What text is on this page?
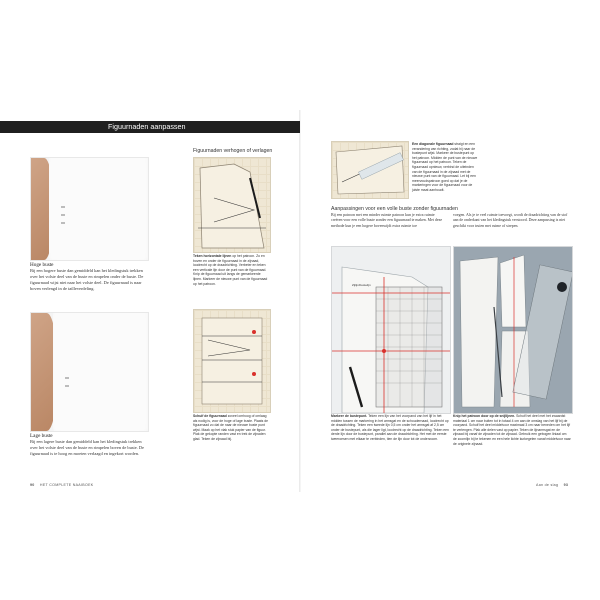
Figuurnaden aanpassen
Hoge buste
Bij een hogere buste dan gemiddeld kan het kledingstuk trekken over het volste deel van de buste en rimpelen onder de buste. De figuurnaad wijst niet naar het volste deel. De figuurnaad is naar boven verlengd in de tailleverdeling.
Lage buste
Bij een lagere buste dan gemiddeld kan het kledingstuk trekken over het volste deel van de buste en rimpelen boven de buste. De figuurnaad is te hoog en moeten verlaagd en ingekort worden.
Figuurnaden verhogen of verlagen
Teken horizontale lijnen op het patroon. Zo en boven en onder de figuurnaad in de zijnaad, loodrecht op de draadrichting. Verbeter en teken een verticale lijn door de punt van de figuurnaad. Knip de figuurnaad uit langs de gemarkeerde lijnen. Markeer de nieuwe punt van de figuurnaad op het patroon.
Schuif de figuurnaad zoveel omhoog of omlaag als nodig is, voor de hoge of lage buste. Plaats de figuurnaad zo dat de naar de nieuwe buste punt wijst. Maak op het vlak stuk papier van de figuur. Plak de gekopte randen vast en trek de zijnaden glad. Teken de zijnaad bij.
Een diagonale figuurnaad straigt en een verandering van richting, zodat hij naar de bustepunt wijst. Markeer de bustepunt op het patroon. Midden de punt van de nieuwe figuurnaad op het patroon. Teken de figuurnaad opnieuw, verbind de uiteinden van de figuurnaad in de zijnaad met de nieuwe punt van de figuurnaad. Let bij een meervoudspatroon goed op dat je de markeringen voor de figuurnaad voor de juiste maat aanhoudt.
Aanpassingen voor een volle buste zonder figuurnaden
Bij een patroon met een minder ruimte patroon kun je extra ruimte creëren voor een volle buste zonder een figuurnaad te maken. Met deze methode kun je een hogere bovenwijdt extra ruimte toe
voegen. Als je te veel ruimte toevoegt, wordt de draadrichting van de stof aan de onderkant van het kledingstuk verstoord. Deze aanpassing is niet geschikt voor truien met ruime of strepen.
Zijlijn/bustelijn
Markeer de bustepunt. Teken een lijn van het voorpand van het lijf in het midden tussen de markering in het armsgat en de schoudernaad, loodrecht op de draadrichting. Teken een tweede lijn 0,5 cm onder het armsgat af 2,5 cm onder de bustepunt, als die lager ligt, loodrecht op de draadrichting. Teken een derde lijn door de bustepunt, parallel aan de draadrichting. Het met de eerste tweeroesen met elkaar te verbinden, tien de lijn door tot de onderzoom.
Knip het patroon door op de snijlijnen. Schuif het deel met het zwaardst materiaal 1 cm naar buiten tot in totaal 4 cm aan de omslag van het lijf bij de voorpand. Schuif het deel middelvoor maximaal 3 cm naar beneden om het lijf te verlengen. Plak alle delen vast op papier. Teken de lijnarmsgat en de zijnaad bij vanaf de zijnaden tot de zijnaad. Gebruik een gebogen liniaal om de zoomlijn bij te tekenen en een hele lichte kurkegelen vanaf middelvoor naar de originele zijnaad.
90 HET COMPLETE NAAIBOEK	Aan de slag 93
